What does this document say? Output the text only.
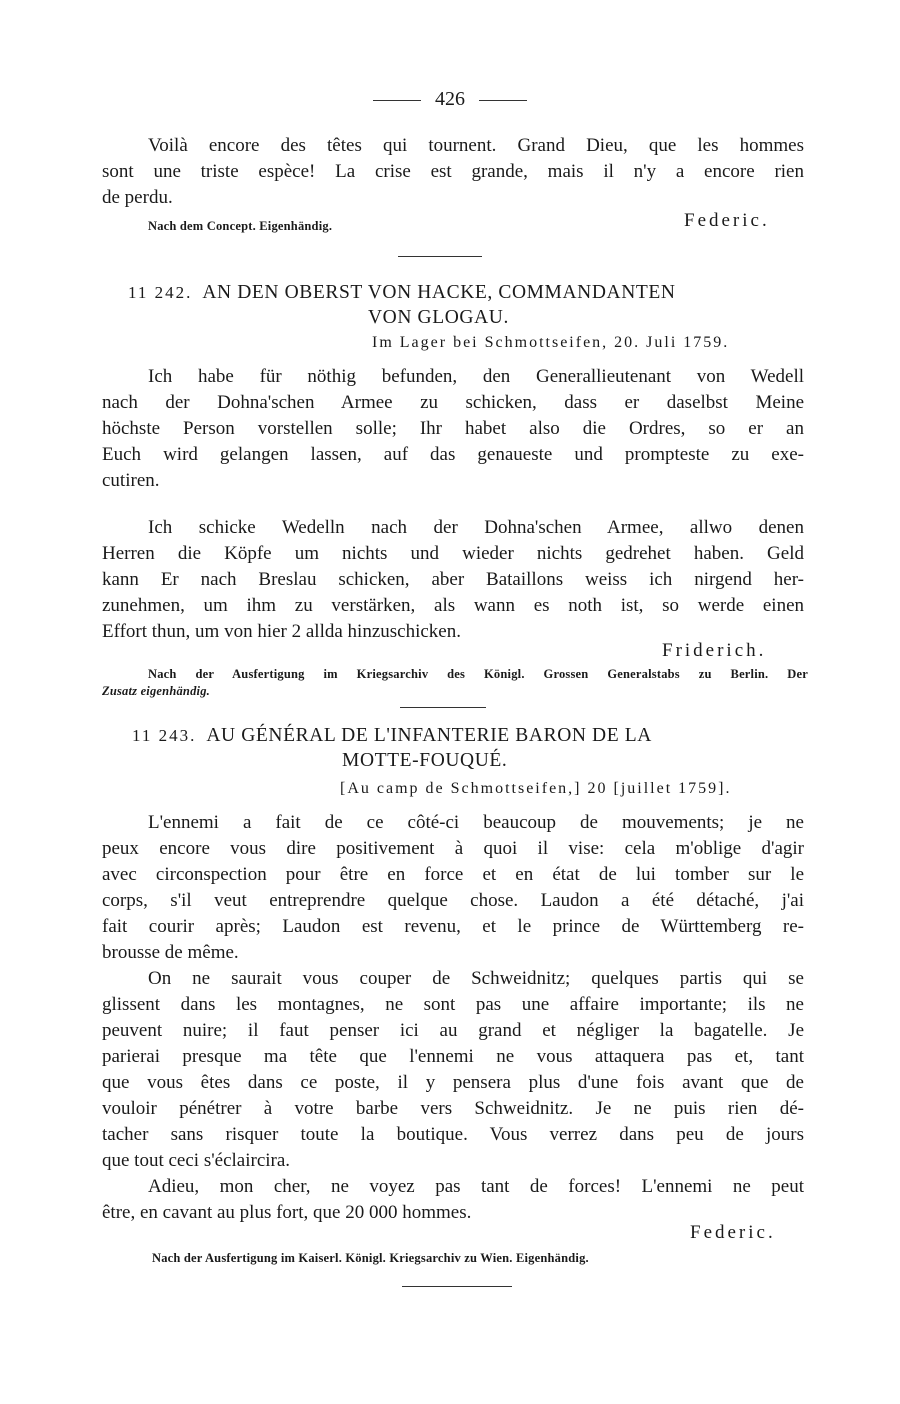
426
Voilà encore des têtes qui tournent. Grand Dieu, que les hommes
sont une triste espèce! La crise est grande, mais il n'y a encore rien
de perdu.
Nach dem Concept. Eigenhändig.	Federic.
11 242. AN DEN OBERST VON HACKE, COMMANDANTEN
VON GLOGAU.
Im Lager bei Schmottseifen, 20. Juli 1759.
Ich habe für nöthig befunden, den Generallieutenant von Wedell
nach der Dohna'schen Armee zu schicken, dass er daselbst Meine
höchste Person vorstellen solle; Ihr habet also die Ordres, so er an
Euch wird gelangen lassen, auf das genaueste und prompteste zu exe-
cutiren.
Ich schicke Wedelln nach der Dohna'schen Armee, allwo denen
Herren die Köpfe um nichts und wieder nichts gedrehet haben. Geld
kann Er nach Breslau schicken, aber Bataillons weiss ich nirgend her-
zunehmen, um ihm zu verstärken, als wann es noth ist, so werde einen
Effort thun, um von hier 2 allda hinzuschicken.
Friderich.
Nach der Ausfertigung im Kriegsarchiv des Königl. Grossen Generalstabs zu Berlin. Der
Zusatz eigenhändig.
11 243. AU GÉNÉRAL DE L'INFANTERIE BARON DE LA
MOTTE-FOUQUÉ.
[Au camp de Schmottseifen,] 20 [juillet 1759].
L'ennemi a fait de ce côté-ci beaucoup de mouvements; je ne
peux encore vous dire positivement à quoi il vise: cela m'oblige d'agir
avec circonspection pour être en force et en état de lui tomber sur le
corps, s'il veut entreprendre quelque chose. Laudon a été détaché, j'ai
fait courir après; Laudon est revenu, et le prince de Württemberg re-
brousse de même.
On ne saurait vous couper de Schweidnitz; quelques partis qui se
glissent dans les montagnes, ne sont pas une affaire importante; ils ne
peuvent nuire; il faut penser ici au grand et négliger la bagatelle. Je
parierai presque ma tête que l'ennemi ne vous attaquera pas et, tant
que vous êtes dans ce poste, il y pensera plus d'une fois avant que de
vouloir pénétrer à votre barbe vers Schweidnitz. Je ne puis rien dé-
tacher sans risquer toute la boutique. Vous verrez dans peu de jours
que tout ceci s'éclaircira.
Adieu, mon cher, ne voyez pas tant de forces! L'ennemi ne peut
être, en cavant au plus fort, que 20 000 hommes.
Federic.
Nach der Ausfertigung im Kaiserl. Königl. Kriegsarchiv zu Wien. Eigenhändig.
